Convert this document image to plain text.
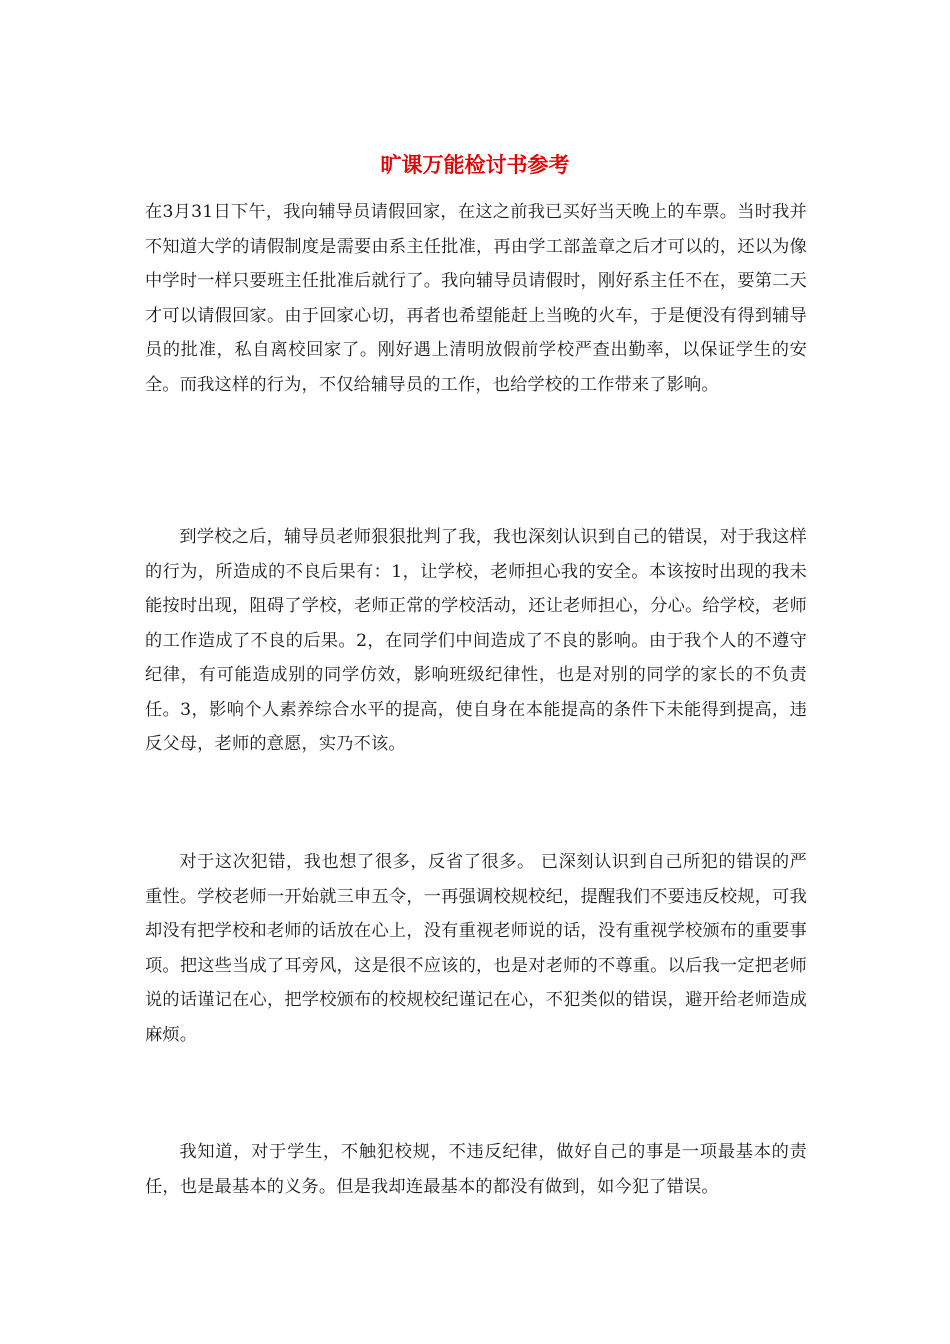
旷课万能检讨书参考

在3月31日下午，我向辅导员请假回家，在这之前我已买好当天晚上的车票。当时我并不知道大学的请假制度是需要由系主任批准，再由学工部盖章之后才可以的，还以为像中学时一样只要班主任批准后就行了。我向辅导员请假时，刚好系主任不在，要第二天才可以请假回家。由于回家心切，再者也希望能赶上当晚的火车，于是便没有得到辅导员的批准，私自离校回家了。刚好遇上清明放假前学校严查出勤率，以保证学生的安全。而我这样的行为，不仅给辅导员的工作，也给学校的工作带来了影响。

到学校之后，辅导员老师狠狠批判了我，我也深刻认识到自己的错误，对于我这样的行为，所造成的不良后果有：1，让学校，老师担心我的安全。本该按时出现的我未能按时出现，阻碍了学校，老师正常的学校活动，还让老师担心，分心。给学校，老师的工作造成了不良的后果。2，在同学们中间造成了不良的影响。由于我个人的不遵守纪律，有可能造成别的同学仿效，影响班级纪律性，也是对别的同学的家长的不负责任。3，影响个人素养综合水平的提高，使自身在本能提高的条件下未能得到提高，违反父母，老师的意愿，实乃不该。

对于这次犯错，我也想了很多，反省了很多。 已深刻认识到自己所犯的错误的严重性。学校老师一开始就三申五令，一再强调校规校纪，提醒我们不要违反校规，可我却没有把学校和老师的话放在心上，没有重视老师说的话，没有重视学校颁布的重要事项。把这些当成了耳旁风，这是很不应该的，也是对老师的不尊重。以后我一定把老师说的话谨记在心，把学校颁布的校规校纪谨记在心，不犯类似的错误，避开给老师造成麻烦。

我知道，对于学生，不触犯校规，不违反纪律，做好自己的事是一项最基本的责任，也是最基本的义务。但是我却连最基本的都没有做到，如今犯了错误。
